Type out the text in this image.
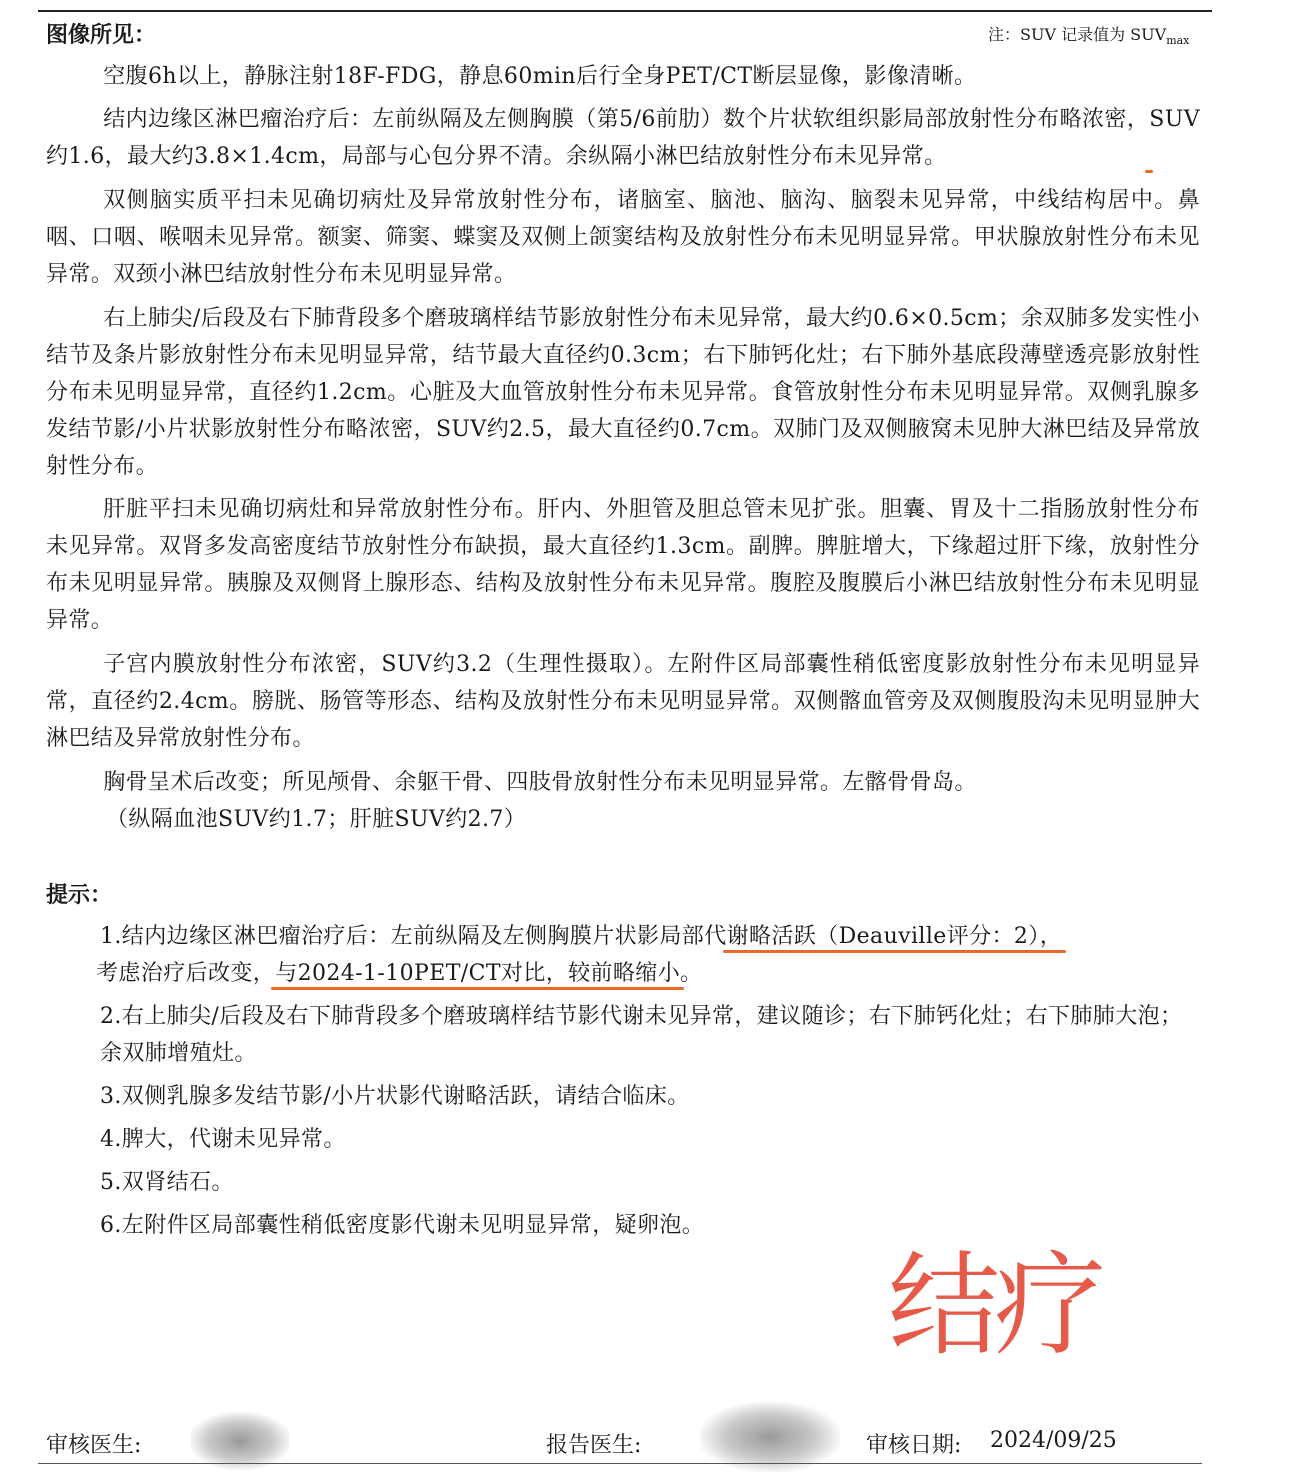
图像所见：	注：SUV 记录值为 $SUV_{max}$

空腹6h以上，静脉注射18F-FDG，静息60min后行全身PET/CT断层显像，影像清晰。

结内边缘区淋巴瘤治疗后：左前纵隔及左侧胸膜（第5/6前肋）数个片状软组织影局部放射性分布略浓密，SUV约1.6，最大约3.8×1.4cm，局部与心包分界不清。余纵隔小淋巴结放射性分布未见异常。

双侧脑实质平扫未见确切病灶及异常放射性分布，诸脑室、脑池、脑沟、脑裂未见异常，中线结构居中。鼻咽、口咽、喉咽未见异常。额窦、筛窦、蝶窦及双侧上颌窦结构及放射性分布未见明显异常。甲状腺放射性分布未见异常。双颈小淋巴结放射性分布未见明显异常。

右上肺尖/后段及右下肺背段多个磨玻璃样结节影放射性分布未见异常，最大约0.6×0.5cm；余双肺多发实性小结节及条片影放射性分布未见明显异常，结节最大直径约0.3cm；右下肺钙化灶；右下肺外基底段薄壁透亮影放射性分布未见明显异常，直径约1.2cm。心脏及大血管放射性分布未见异常。食管放射性分布未见明显异常。双侧乳腺多发结节影/小片状影放射性分布略浓密，SUV约2.5，最大直径约0.7cm。双肺门及双侧腋窝未见肿大淋巴结及异常放射性分布。

肝脏平扫未见确切病灶和异常放射性分布。肝内、外胆管及胆总管未见扩张。胆囊、胃及十二指肠放射性分布未见异常。双肾多发高密度结节放射性分布缺损，最大直径约1.3cm。副脾。脾脏增大，下缘超过肝下缘，放射性分布未见明显异常。胰腺及双侧肾上腺形态、结构及放射性分布未见异常。腹腔及腹膜后小淋巴结放射性分布未见明显异常。

子宫内膜放射性分布浓密，SUV约3.2（生理性摄取）。左附件区局部囊性稍低密度影放射性分布未见明显异常，直径约2.4cm。膀胱、肠管等形态、结构及放射性分布未见明显异常。双侧髂血管旁及双侧腹股沟未见明显肿大淋巴结及异常放射性分布。

胸骨呈术后改变；所见颅骨、余躯干骨、四肢骨放射性分布未见明显异常。左髂骨骨岛。

（纵隔血池SUV约1.7；肝脏SUV约2.7）

提示：

1.结内边缘区淋巴瘤治疗后：左前纵隔及左侧胸膜片状影局部代谢略活跃（Deauville评分：2），
考虑治疗后改变，与2024-1-10PET/CT对比，较前略缩小。

2.右上肺尖/后段及右下肺背段多个磨玻璃样结节影代谢未见异常，建议随诊；右下肺钙化灶；右下肺肺大泡；余双肺增殖灶。

3.双侧乳腺多发结节影/小片状影代谢略活跃，请结合临床。

4.脾大，代谢未见异常。

5.双肾结石。

6.左附件区局部囊性稍低密度影代谢未见明显异常，疑卵泡。

结疗
审核医生:	报告医生:	审核日期: 2024/09/25
